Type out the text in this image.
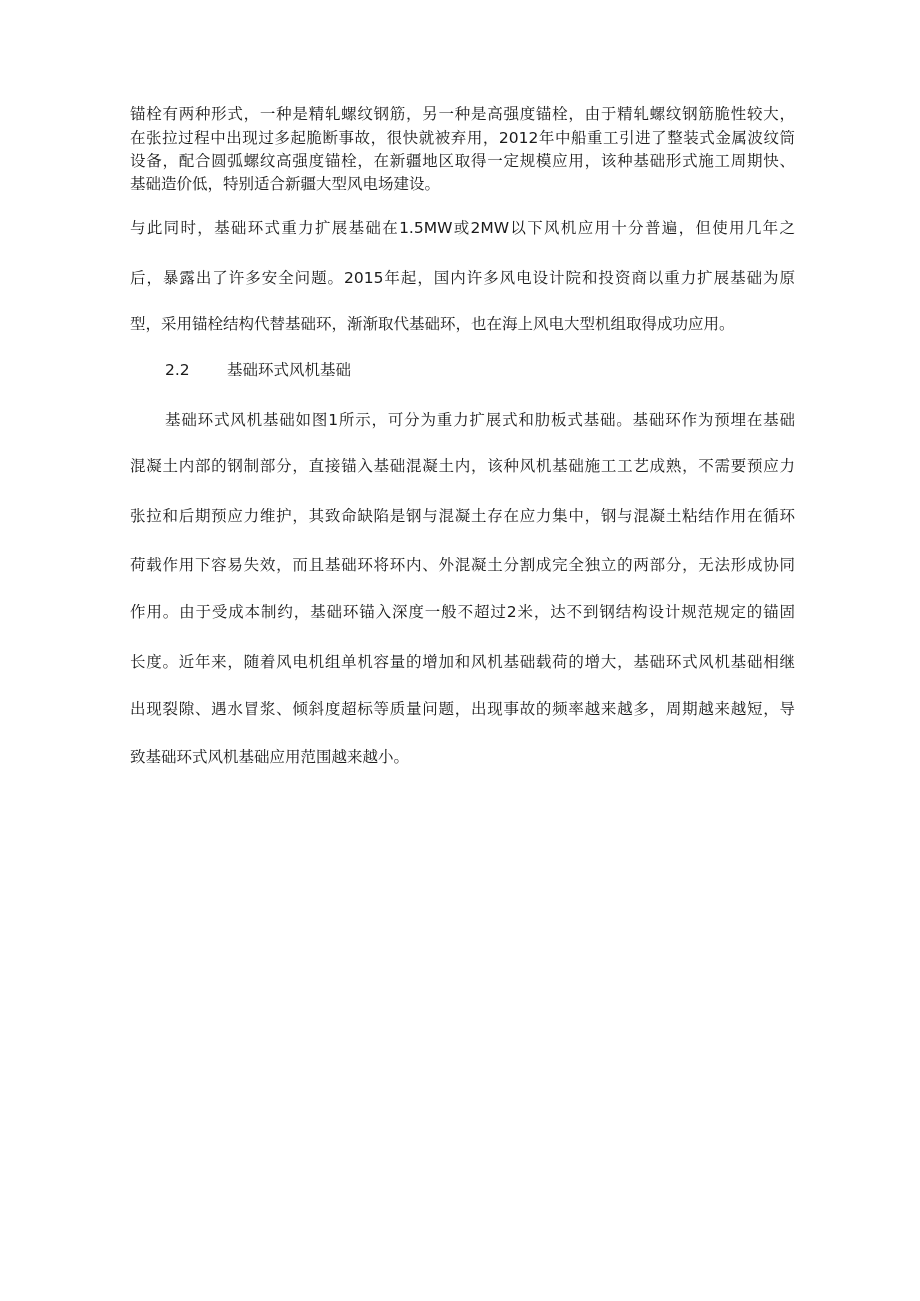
锚栓有两种形式，一种是精轧螺纹钢筋，另一种是高强度锚栓，由于精轧螺纹钢筋脆性较大，

在张拉过程中出现过多起脆断事故，很快就被弃用，2012年中船重工引进了整装式金属波纹筒

设备，配合圆弧螺纹高强度锚栓，在新疆地区取得一定规模应用，该种基础形式施工周期快、

基础造价低，特别适合新疆大型风电场建设。

与此同时，基础环式重力扩展基础在1.5MW或2MW以下风机应用十分普遍，但使用几年之

后，暴露出了许多安全问题。2015年起，国内许多风电设计院和投资商以重力扩展基础为原

型，采用锚栓结构代替基础环，渐渐取代基础环，也在海上风电大型机组取得成功应用。

2.2 基础环式风机基础

基础环式风机基础如图1所示，可分为重力扩展式和肋板式基础。基础环作为预埋在基础

混凝土内部的钢制部分，直接锚入基础混凝土内，该种风机基础施工工艺成熟，不需要预应力

张拉和后期预应力维护，其致命缺陷是钢与混凝土存在应力集中，钢与混凝土粘结作用在循环

荷载作用下容易失效，而且基础环将环内、外混凝土分割成完全独立的两部分，无法形成协同

作用。由于受成本制约，基础环锚入深度一般不超过2米，达不到钢结构设计规范规定的锚固

长度。近年来，随着风电机组单机容量的增加和风机基础载荷的增大，基础环式风机基础相继

出现裂隙、遇水冒浆、倾斜度超标等质量问题，出现事故的频率越来越多，周期越来越短，导

致基础环式风机基础应用范围越来越小。
